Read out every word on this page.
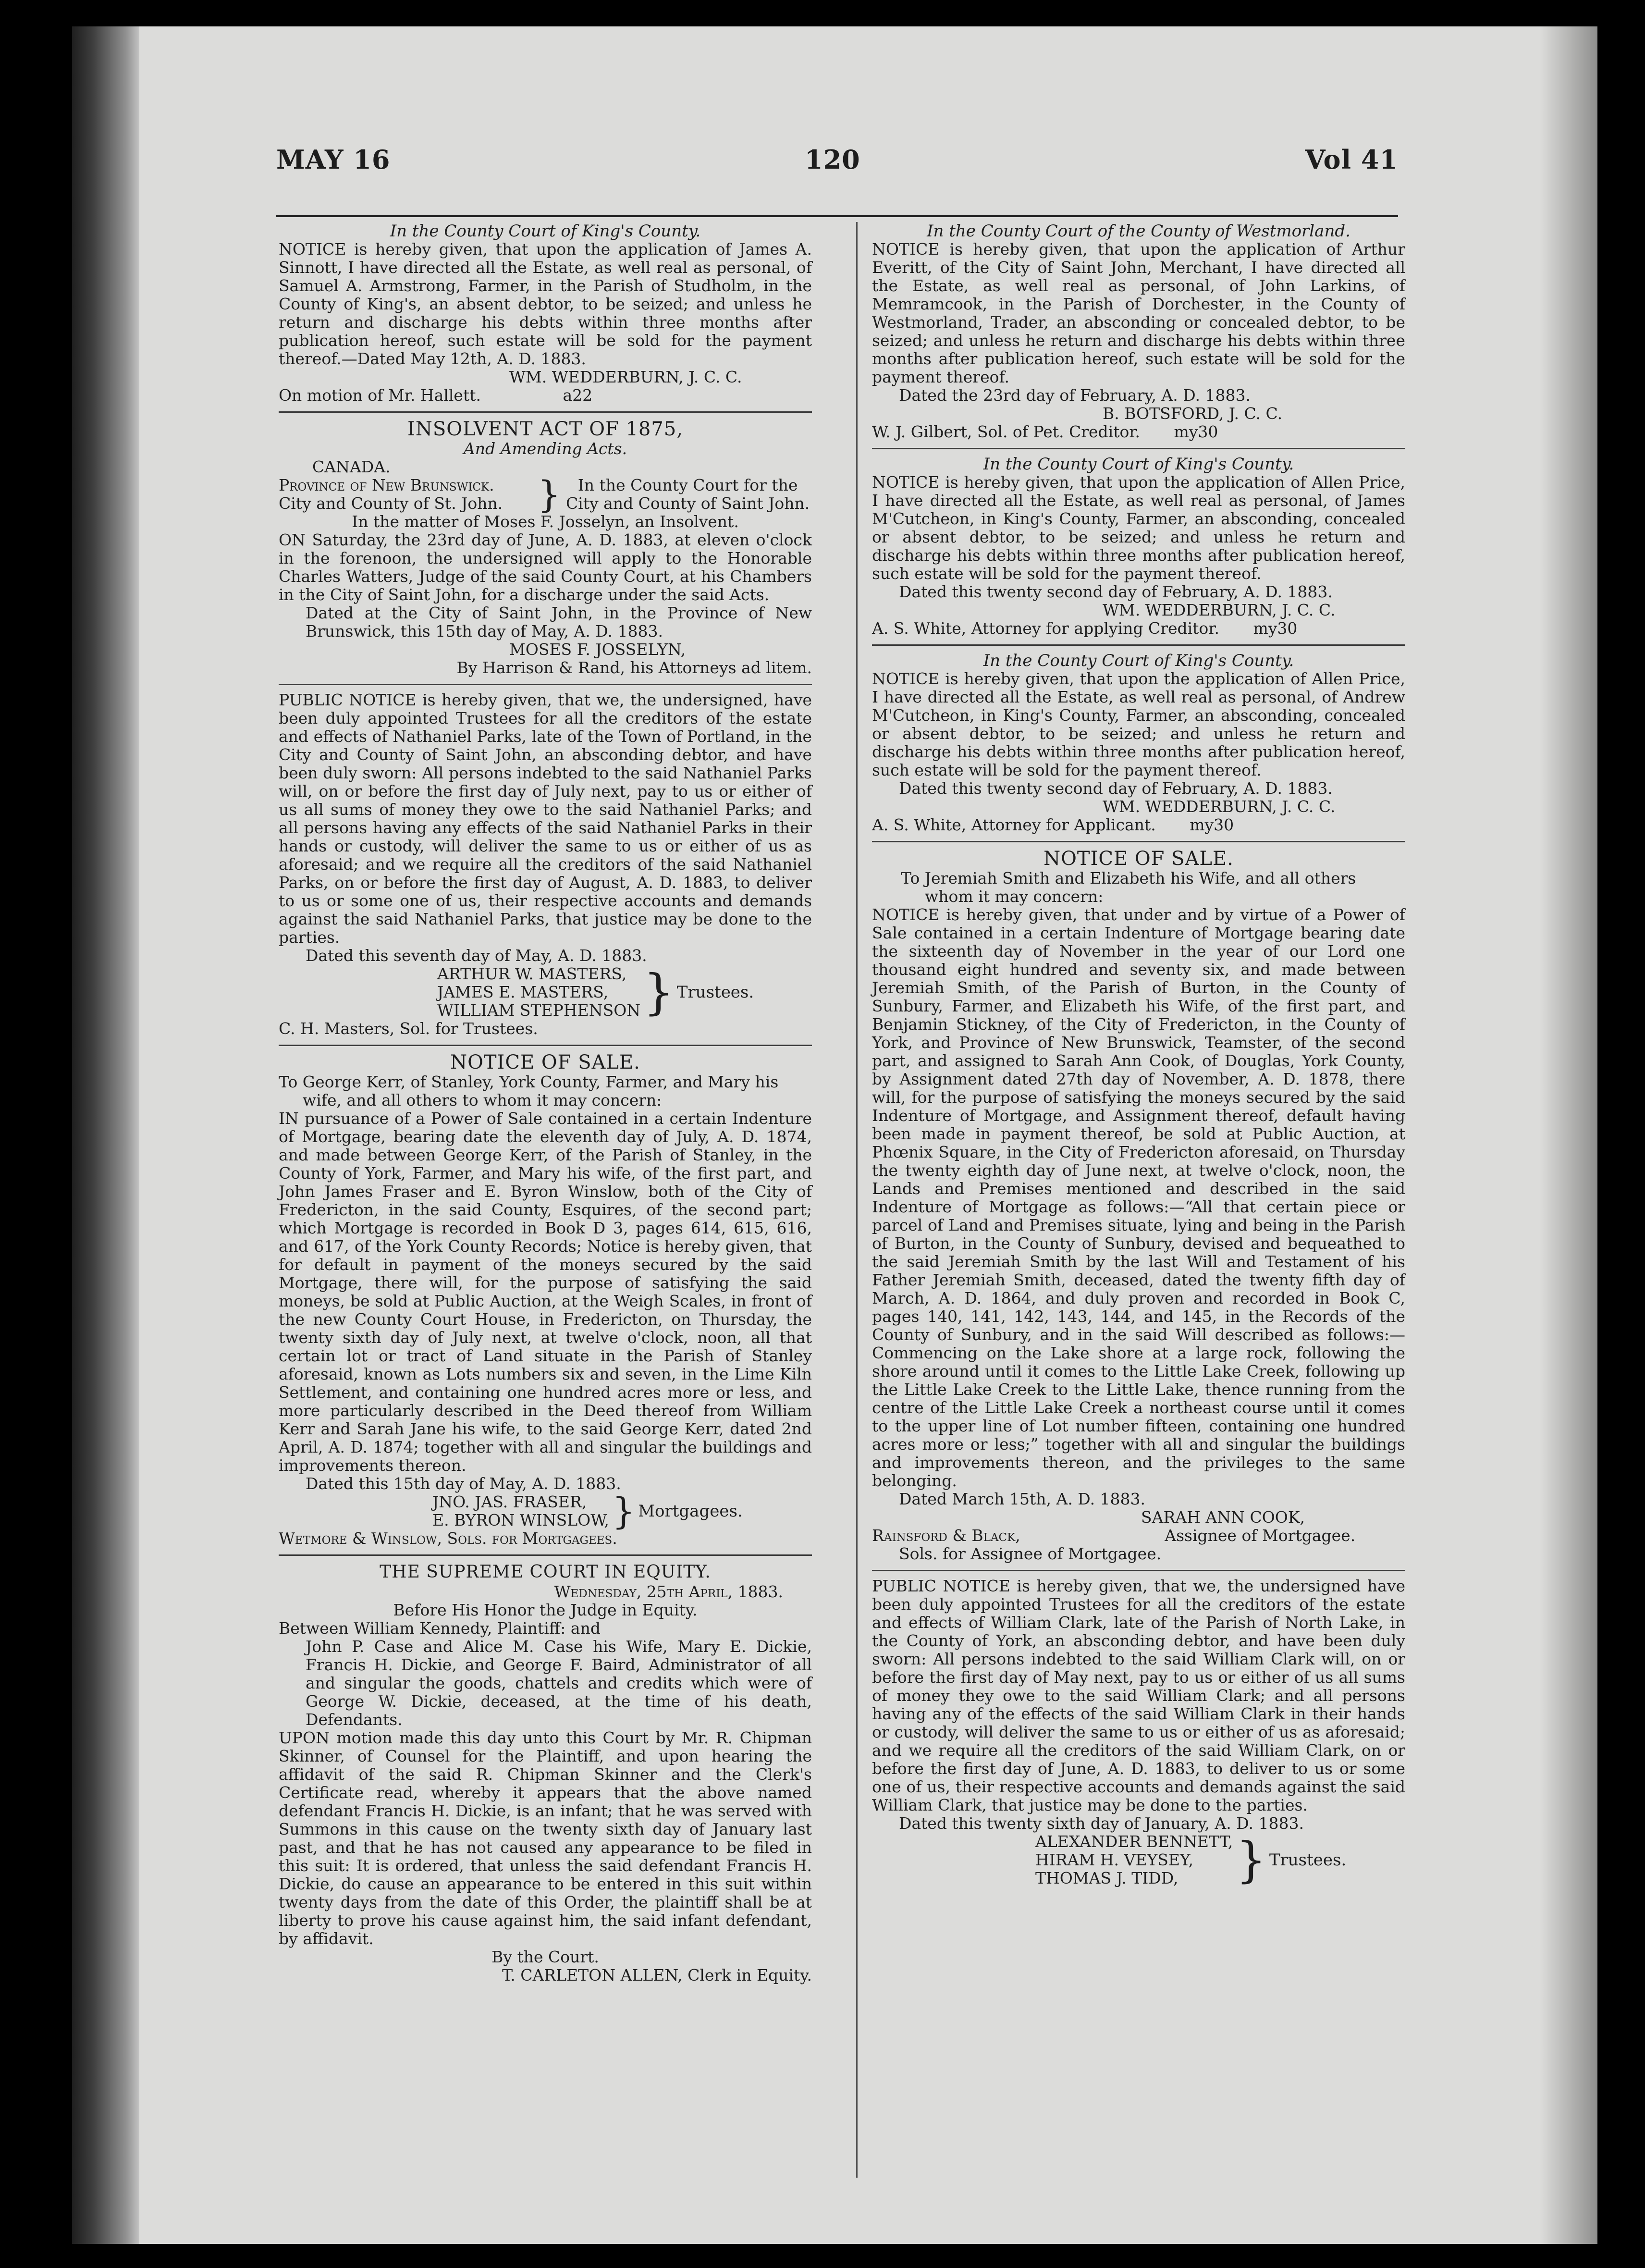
MAY 16	120	Vol 41
In the County Court of King's County.
NOTICE is hereby given, that upon the application of James A. Sinnott, I have directed all the Estate, as well real as personal, of Samuel A. Armstrong, Farmer, in the Parish of Studholm, in the County of King's, an absent debtor, to be seized; and unless he return and discharge his debts within three months after publication hereof, such estate will be sold for the payment thereof.—Dated May 12th, A. D. 1883.
WM. WEDDERBURN, J. C. C.
On motion of Mr. Hallett.	a22
INSOLVENT ACT OF 1875,
And Amending Acts.
CANADA.
Province of New Brunswick.
City and County of St. John. }	In the County Court for the
City and County of Saint John.
In the matter of Moses F. Josselyn, an Insolvent.
ON Saturday, the 23rd day of June, A. D. 1883, at eleven o'clock in the forenoon, the undersigned will apply to the Honorable Charles Watters, Judge of the said County Court, at his Chambers in the City of Saint John, for a discharge under the said Acts.
Dated at the City of Saint John, in the Province of New Brunswick, this 15th day of May, A. D. 1883.
MOSES F. JOSSELYN,
By Harrison & Rand, his Attorneys ad litem.
PUBLIC NOTICE is hereby given, that we, the undersigned, have been duly appointed Trustees for all the creditors of the estate and effects of Nathaniel Parks, late of the Town of Portland, in the City and County of Saint John, an absconding debtor, and have been duly sworn: All persons indebted to the said Nathaniel Parks will, on or before the first day of July next, pay to us or either of us all sums of money they owe to the said Nathaniel Parks; and all persons having any effects of the said Nathaniel Parks in their hands or custody, will deliver the same to us or either of us as aforesaid; and we require all the creditors of the said Nathaniel Parks, on or before the first day of August, A. D. 1883, to deliver to us or some one of us, their respective accounts and demands against the said Nathaniel Parks, that justice may be done to the parties.
Dated this seventh day of May, A. D. 1883.
ARTHUR W. MASTERS,
JAMES E. MASTERS,
WILLIAM STEPHENSON } Trustees.
C. H. Masters, Sol. for Trustees.
NOTICE OF SALE.
To George Kerr, of Stanley, York County, Farmer, and Mary his wife, and all others to whom it may concern:
IN pursuance of a Power of Sale contained in a certain Indenture of Mortgage, bearing date the eleventh day of July, A. D. 1874, and made between George Kerr, of the Parish of Stanley, in the County of York, Farmer, and Mary his wife, of the first part, and John James Fraser and E. Byron Winslow, both of the City of Fredericton, in the said County, Esquires, of the second part; which Mortgage is recorded in Book D 3, pages 614, 615, 616, and 617, of the York County Records; Notice is hereby given, that for default in payment of the moneys secured by the said Mortgage, there will, for the purpose of satisfying the said moneys, be sold at Public Auction, at the Weigh Scales, in front of the new County Court House, in Fredericton, on Thursday, the twenty sixth day of July next, at twelve o'clock, noon, all that certain lot or tract of Land situate in the Parish of Stanley aforesaid, known as Lots numbers six and seven, in the Lime Kiln Settlement, and containing one hundred acres more or less, and more particularly described in the Deed thereof from William Kerr and Sarah Jane his wife, to the said George Kerr, dated 2nd April, A. D. 1874; together with all and singular the buildings and improvements thereon.
Dated this 15th day of May, A. D. 1883.
JNO. JAS. FRASER,
E. BYRON WINSLOW, } Mortgagees.
Wetmore & Winslow, Sols. for Mortgagees.
THE SUPREME COURT IN EQUITY.
Wednesday, 25th April, 1883.
Before His Honor the Judge in Equity.
Between William Kennedy, Plaintiff: and
John P. Case and Alice M. Case his Wife, Mary E. Dickie, Francis H. Dickie, and George F. Baird, Administrator of all and singular the goods, chattels and credits which were of George W. Dickie, deceased, at the time of his death, Defendants.
UPON motion made this day unto this Court by Mr. R. Chipman Skinner, of Counsel for the Plaintiff, and upon hearing the affidavit of the said R. Chipman Skinner and the Clerk's Certificate read, whereby it appears that the above named defendant Francis H. Dickie, is an infant; that he was served with Summons in this cause on the twenty sixth day of January last past, and that he has not caused any appearance to be filed in this suit: It is ordered, that unless the said defendant Francis H. Dickie, do cause an appearance to be entered in this suit within twenty days from the date of this Order, the plaintiff shall be at liberty to prove his cause against him, the said infant defendant, by affidavit.
By the Court.
T. CARLETON ALLEN, Clerk in Equity.
In the County Court of the County of Westmorland.
NOTICE is hereby given, that upon the application of Arthur Everitt, of the City of Saint John, Merchant, I have directed all the Estate, as well real as personal, of John Larkins, of Memramcook, in the Parish of Dorchester, in the County of Westmorland, Trader, an absconding or concealed debtor, to be seized; and unless he return and discharge his debts within three months after publication hereof, such estate will be sold for the payment thereof.
Dated the 23rd day of February, A. D. 1883.
B. BOTSFORD, J. C. C.
W. J. Gilbert, Sol. of Pet. Creditor. my30
In the County Court of King's County.
NOTICE is hereby given, that upon the application of Allen Price, I have directed all the Estate, as well real as personal, of James M'Cutcheon, in King's County, Farmer, an absconding, concealed or absent debtor, to be seized; and unless he return and discharge his debts within three months after publication hereof, such estate will be sold for the payment thereof.
Dated this twenty second day of February, A. D. 1883.
WM. WEDDERBURN, J. C. C.
A. S. White, Attorney for applying Creditor. my30
In the County Court of King's County.
NOTICE is hereby given, that upon the application of Allen Price, I have directed all the Estate, as well real as personal, of Andrew M'Cutcheon, in King's County, Farmer, an absconding, concealed or absent debtor, to be seized; and unless he return and discharge his debts within three months after publication hereof, such estate will be sold for the payment thereof.
Dated this twenty second day of February, A. D. 1883.
WM. WEDDERBURN, J. C. C.
A. S. White, Attorney for Applicant. my30
NOTICE OF SALE.
To Jeremiah Smith and Elizabeth his Wife, and all others whom it may concern:
NOTICE is hereby given, that under and by virtue of a Power of Sale contained in a certain Indenture of Mortgage bearing date the sixteenth day of November in the year of our Lord one thousand eight hundred and seventy six, and made between Jeremiah Smith, of the Parish of Burton, in the County of Sunbury, Farmer, and Elizabeth his Wife, of the first part, and Benjamin Stickney, of the City of Fredericton, in the County of York, and Province of New Brunswick, Teamster, of the second part, and assigned to Sarah Ann Cook, of Douglas, York County, by Assignment dated 27th day of November, A. D. 1878, there will, for the purpose of satisfying the moneys secured by the said Indenture of Mortgage, and Assignment thereof, default having been made in payment thereof, be sold at Public Auction, at Phœnix Square, in the City of Fredericton aforesaid, on Thursday the twenty eighth day of June next, at twelve o'clock, noon, the Lands and Premises mentioned and described in the said Indenture of Mortgage as follows:—“All that certain piece or parcel of Land and Premises situate, lying and being in the Parish of Burton, in the County of Sunbury, devised and bequeathed to the said Jeremiah Smith by the last Will and Testament of his Father Jeremiah Smith, deceased, dated the twenty fifth day of March, A. D. 1864, and duly proven and recorded in Book C, pages 140, 141, 142, 143, 144, and 145, in the Records of the County of Sunbury, and in the said Will described as follows:—Commencing on the Lake shore at a large rock, following the shore around until it comes to the Little Lake Creek, following up the Little Lake Creek to the Little Lake, thence running from the centre of the Little Lake Creek a northeast course until it comes to the upper line of Lot number fifteen, containing one hundred acres more or less;” together with all and singular the buildings and improvements thereon, and the privileges to the same belonging.
Dated March 15th, A. D. 1883.
SARAH ANN COOK,
Rainsford & Black,	Assignee of Mortgagee.
Sols. for Assignee of Mortgagee.
PUBLIC NOTICE is hereby given, that we, the undersigned have been duly appointed Trustees for all the creditors of the estate and effects of William Clark, late of the Parish of North Lake, in the County of York, an absconding debtor, and have been duly sworn: All persons indebted to the said William Clark will, on or before the first day of May next, pay to us or either of us all sums of money they owe to the said William Clark; and all persons having any of the effects of the said William Clark in their hands or custody, will deliver the same to us or either of us as aforesaid; and we require all the creditors of the said William Clark, on or before the first day of June, A. D. 1883, to deliver to us or some one of us, their respective accounts and demands against the said William Clark, that justice may be done to the parties.
Dated this twenty sixth day of January, A. D. 1883.
ALEXANDER BENNETT,
HIRAM H. VEYSEY,
THOMAS J. TIDD,	} Trustees.
